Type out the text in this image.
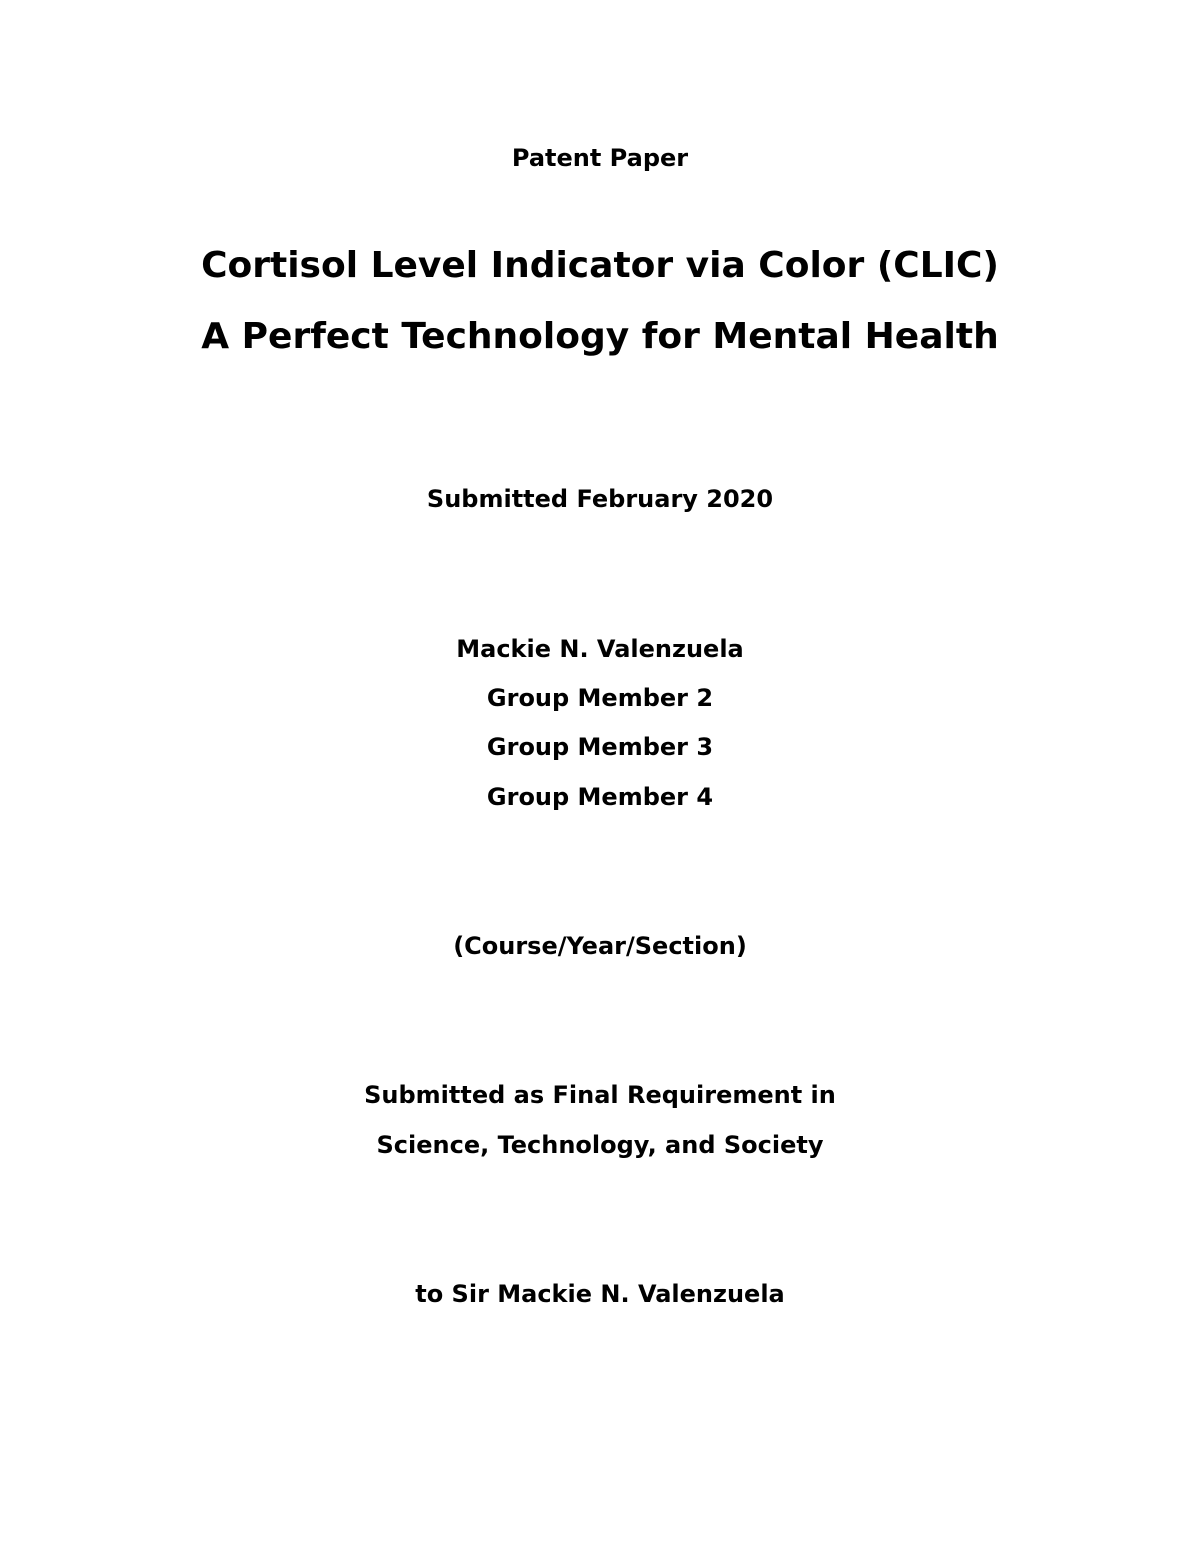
Patent Paper
Cortisol Level Indicator via Color (CLIC)
A Perfect Technology for Mental Health
Submitted February 2020
Mackie N. Valenzuela
Group Member 2
Group Member 3
Group Member 4
(Course/Year/Section)
Submitted as Final Requirement in
Science, Technology, and Society
to Sir Mackie N. Valenzuela
